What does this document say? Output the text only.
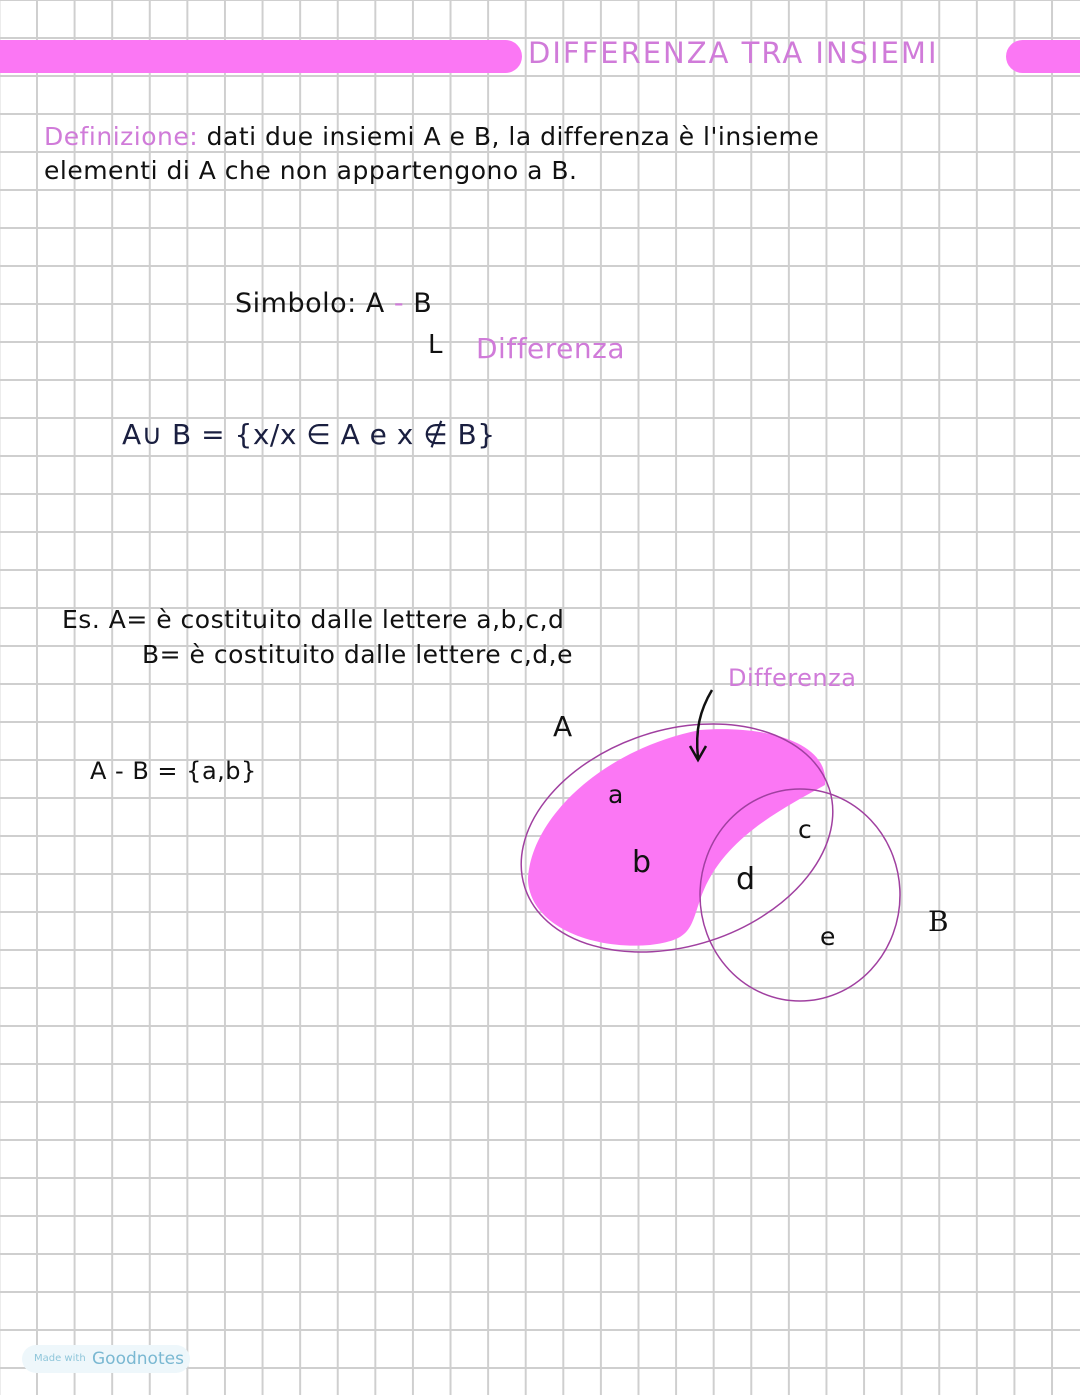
DIFFERENZA TRA INSIEMI
Definizione: dati due insiemi A e B, la differenza è l'insieme
elementi di A che non appartengono a B.
Simbolo: A - B
L Differenza
A∪ B = {x/x ∈ A e x ∉ B}
Es. A= è costituito dalle lettere a,b,c,d
B= è costituito dalle lettere c,d,e
A - B = {a,b}
Differenza
A
B
a
b
c
d
e
Made with Goodnotes
